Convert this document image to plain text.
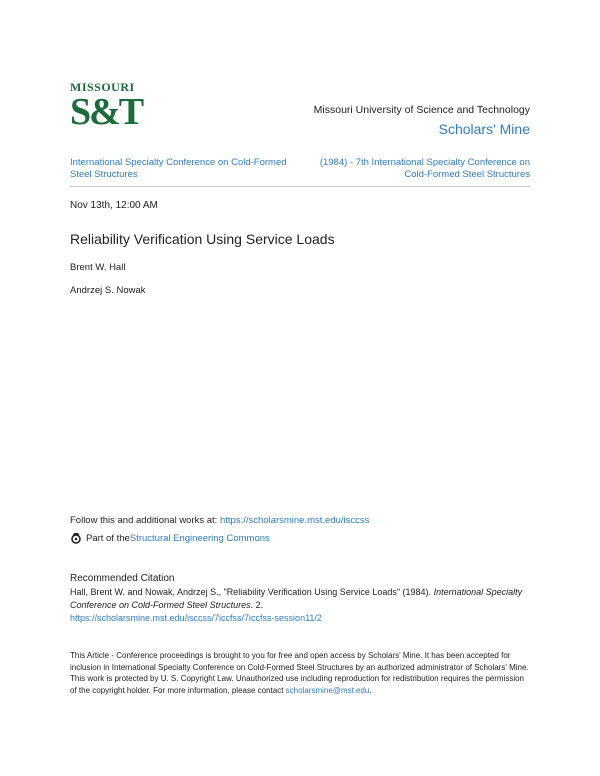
MISSOURI
S&T	Missouri University of Science and Technology
Scholars' Mine
International Specialty Conference on Cold-Formed Steel Structures
(1984) - 7th International Specialty Conference on Cold-Formed Steel Structures
Nov 13th, 12:00 AM
Reliability Verification Using Service Loads
Brent W. Hall
Andrzej S. Nowak
Follow this and additional works at: https://scholarsmine.mst.edu/isccss
Part of the Structural Engineering Commons
Recommended Citation
Hall, Brent W. and Nowak, Andrzej S., "Reliability Verification Using Service Loads" (1984). International Specialty Conference on Cold-Formed Steel Structures. 2.
https://scholarsmine.mst.edu/isccss/7iccfss/7iccfss-session11/2
This Article - Conference proceedings is brought to you for free and open access by Scholars' Mine. It has been accepted for inclusion in International Specialty Conference on Cold-Formed Steel Structures by an authorized administrator of Scholars' Mine. This work is protected by U. S. Copyright Law. Unauthorized use including reproduction for redistribution requires the permission of the copyright holder. For more information, please contact scholarsmine@mst.edu.
